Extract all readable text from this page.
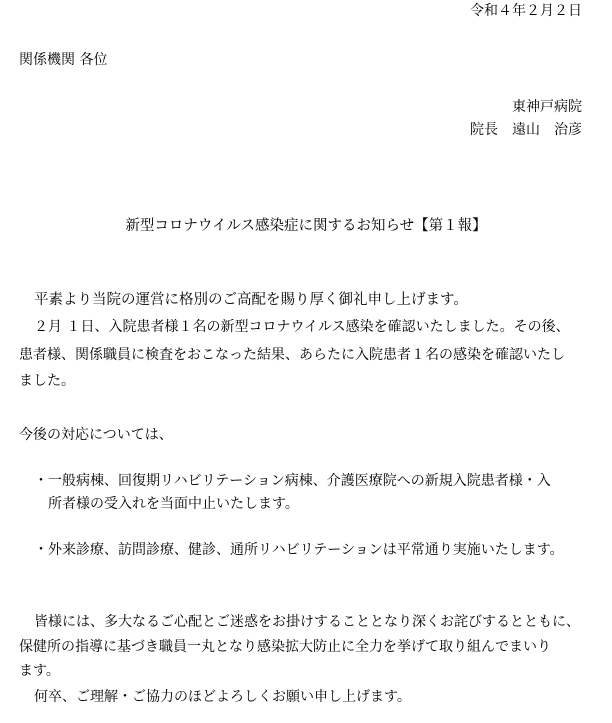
令和４年２月２日
関係機関 各位
東神戸病院
院長　遠山　治彦
新型コロナウイルス感染症に関するお知らせ【第１報】
平素より当院の運営に格別のご高配を賜り厚く御礼申し上げます。
２月 １日、入院患者様１名の新型コロナウイルス感染を確認いたしました。その後、
患者様、関係職員に検査をおこなった結果、あらたに入院患者１名の感染を確認いたし
ました。
今後の対応については、
・一般病棟、回復期リハビリテーション病棟、介護医療院への新規入院患者様・入
所者様の受入れを当面中止いたします。
・外来診療、訪問診療、健診、通所リハビリテーションは平常通り実施いたします。
皆様には、多大なるご心配とご迷惑をお掛けすることとなり深くお詫びするとともに、
保健所の指導に基づき職員一丸となり感染拡大防止に全力を挙げて取り組んでまいり
ます。
何卒、ご理解・ご協力のほどよろしくお願い申し上げます。
